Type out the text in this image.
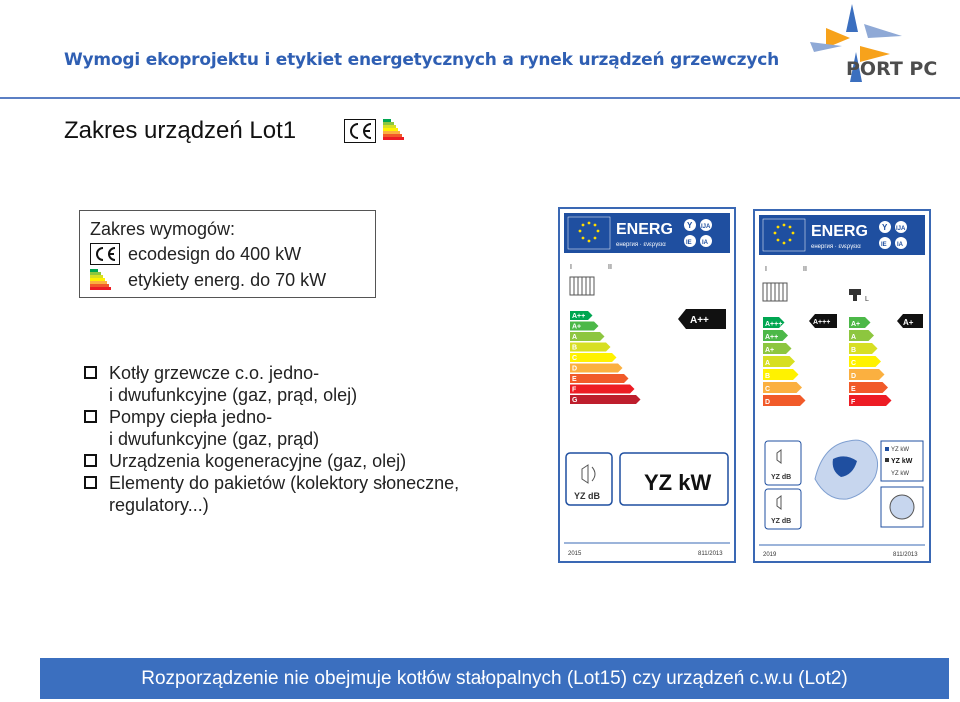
Wymogi ekoprojektu i etykiet energetycznych a rynek urządzeń grzewczych	PORT PC
Zakres urządzeń Lot1
Zakres wymogów:
ecodesign do 400 kW
etykiety energ. do 70 kW
Kotły grzewcze c.o. jedno-
i dwufunkcyjne (gaz, prąd, olej)
Pompy ciepła jedno-
i dwufunkcyjne (gaz, prąd)
Urządzenia kogeneracyjne (gaz, olej)
Elementy do pakietów (kolektory słoneczne,
regulatory...)
ENERG
енергия · ενεργεια
Y IJA
IE IA
I	II
A++
A+
A
B
C
D
E
F
G
A++
YZ dB
YZ kW
2015	811/2013
ENERG
енергия · ενεργεια
Y IJA
IE IA
I	II
L
A+++
A++
A+
A
B
C
D
A+
A
B
C
D
E
F
A+++	A+
YZ dB
YZ dB
YZ kW
YZ kW
YZ kW
2019	811/2013
Rozporządzenie nie obejmuje kotłów stałopalnych (Lot15) czy urządzeń c.w.u (Lot2)
